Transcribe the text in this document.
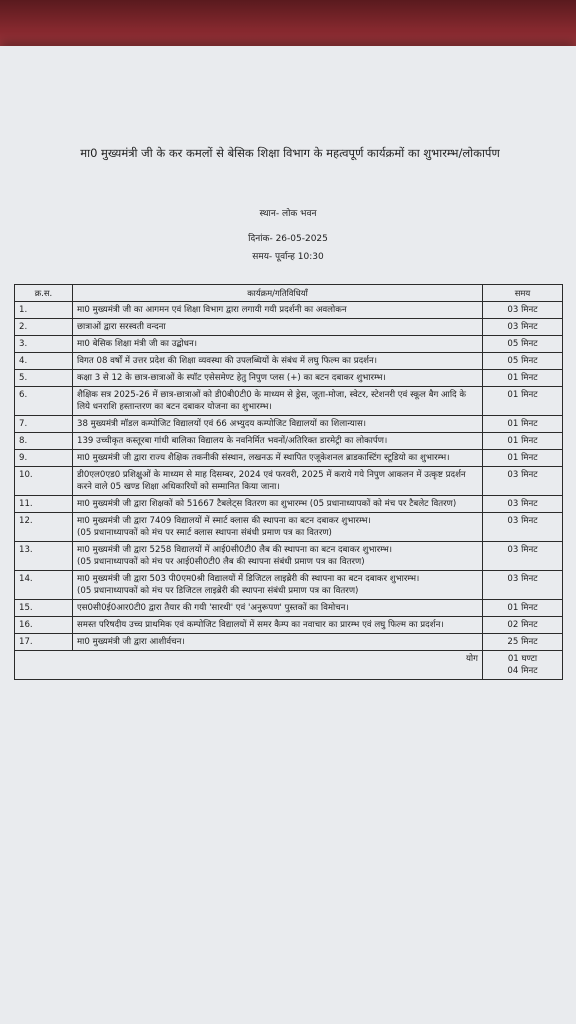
मा0 मुख्यमंत्री जी के कर कमलों से बेसिक शिक्षा विभाग के महत्वपूर्ण कार्यक्रमों का शुभारम्भ/लोकार्पण
स्थान- लोक भवन
दिनांक- 26-05-2025
समय- पूर्वान्ह 10:30
क्र.स.	कार्यक्रम/गतिविधियाँ	समय
1.	मा0 मुख्यमंत्री जी का आगमन एवं शिक्षा विभाग द्वारा लगायी गयी प्रदर्शनी का अवलोकन	03 मिनट
2.	छात्राओं द्वारा सरस्वती वन्दना	03 मिनट
3.	मा0 बेसिक शिक्षा मंत्री जी का उद्बोधन।	05 मिनट
4.	विगत 08 वर्षों में उत्तर प्रदेश की शिक्षा व्यवस्था की उपलब्धियों के संबंध में लघु फिल्म का प्रदर्शन।	05 मिनट
5.	कक्षा 3 से 12 के छात्र-छात्राओं के स्पॉट एसेसमेण्ट हेतु निपुण प्लस (+) का बटन दबाकर शुभारम्भ।	01 मिनट
6.	शैक्षिक सत्र 2025-26 में छात्र-छात्राओं को डी0बी0टी0 के माध्यम से ड्रेस, जूता-मोजा, स्वेटर, स्टेशनरी एवं स्कूल बैग आदि के लिये धनराशि हस्तान्तरण का बटन दबाकर योजना का शुभारम्भ।	01 मिनट
7.	38 मुख्यमंत्री मॉडल कम्पोजिट विद्यालयों एवं 66 अभ्युदय कम्पोजिट विद्यालयों का शिलान्यास।	01 मिनट
8.	139 उच्चीकृत कस्तूरबा गांधी बालिका विद्यालय के नवनिर्मित भवनों/अतिरिक्त डारमेट्री का लोकार्पण।	01 मिनट
9.	मा0 मुख्यमंत्री जी द्वारा राज्य शैक्षिक तकनीकी संस्थान, लखनऊ में स्थापित एजूकेशनल ब्राडकास्टिंग स्टूडियो का शुभारम्भ।	01 मिनट
10.	डी0एल0एड0 प्रशिक्षुओं के माध्यम से माह दिसम्बर, 2024 एवं फरवरी, 2025 में कराये गये निपुण आकलन में उत्कृष्ट प्रदर्शन करने वाले 05 खण्ड शिक्षा अधिकारियों को सम्मानित किया जाना।	03 मिनट
11.	मा0 मुख्यमंत्री जी द्वारा शिक्षकों को 51667 टैबलेट्स वितरण का शुभारम्भ (05 प्रधानाध्यापकों को मंच पर टैबलेट वितरण)	03 मिनट
12.	मा0 मुख्यमंत्री जी द्वारा 7409 विद्यालयों में स्मार्ट क्लास की स्थापना का बटन दबाकर शुभारम्भ।
(05 प्रधानाध्यापकों को मंच पर स्मार्ट क्लास स्थापना संबंधी प्रमाण पत्र का वितरण)	03 मिनट
13.	मा0 मुख्यमंत्री जी द्वारा 5258 विद्यालयों में आई0सी0टी0 लैब की स्थापना का बटन दबाकर शुभारम्भ।
(05 प्रधानाध्यापकों को मंच पर आई0सी0टी0 लैब की स्थापना संबंधी प्रमाण पत्र का वितरण)	03 मिनट
14.	मा0 मुख्यमंत्री जी द्वारा 503 पी0एम0श्री विद्यालयों में डिजिटल लाइब्रेरी की स्थापना का बटन दबाकर शुभारम्भ।
(05 प्रधानाध्यापकों को मंच पर डिजिटल लाइब्रेरी की स्थापना संबंधी प्रमाण पत्र का वितरण)	03 मिनट
15.	एस0सी0ई0आर0टी0 द्वारा तैयार की गयी 'सारथी' एवं 'अनुरूपण' पुस्तकों का विमोचन।	01 मिनट
16.	समस्त परिषदीय उच्च प्राथमिक एवं कम्पोजिट विद्यालयों में समर कैम्प का नवाचार का प्रारम्भ एवं लघु फिल्म का प्रदर्शन।	02 मिनट
17.	मा0 मुख्यमंत्री जी द्वारा आशीर्वचन।	25 मिनट
योग		01 घण्टा
04 मिनट
